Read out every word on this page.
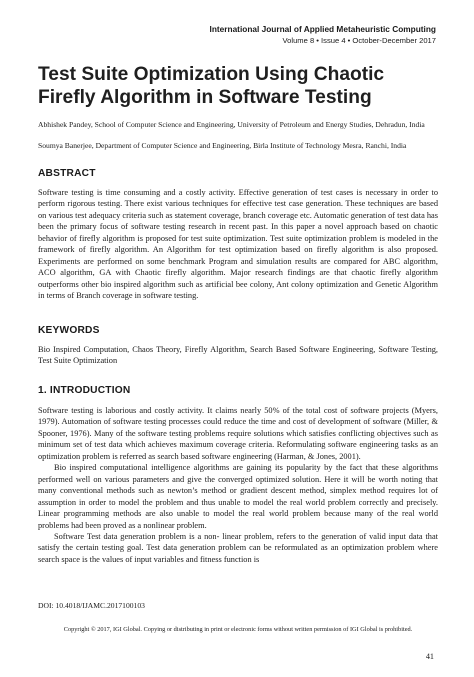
International Journal of Applied Metaheuristic Computing
Volume 8 • Issue 4 • October-December 2017
Test Suite Optimization Using Chaotic
Firefly Algorithm in Software Testing

Abhishek Pandey, School of Computer Science and Engineering, University of Petroleum and Energy Studies, Dehradun, India

Soumya Banerjee, Department of Computer Science and Engineering, Birla Institute of Technology Mesra, Ranchi, India

ABSTRACT

Software testing is time consuming and a costly activity. Effective generation of test cases is necessary in order to perform rigorous testing. There exist various techniques for effective test case generation. These techniques are based on various test adequacy criteria such as statement coverage, branch coverage etc. Automatic generation of test data has been the primary focus of software testing research in recent past. In this paper a novel approach based on chaotic behavior of firefly algorithm is proposed for test suite optimization. Test suite optimization problem is modeled in the framework of firefly algorithm. An Algorithm for test optimization based on firefly algorithm is also proposed. Experiments are performed on some benchmark Program and simulation results are compared for ABC algorithm, ACO algorithm, GA with Chaotic firefly algorithm. Major research findings are that chaotic firefly algorithm outperforms other bio inspired algorithm such as artificial bee colony, Ant colony optimization and Genetic Algorithm in terms of Branch coverage in software testing.

KEYWORDS

Bio Inspired Computation, Chaos Theory, Firefly Algorithm, Search Based Software Engineering, Software Testing, Test Suite Optimization

1. INTRODUCTION

Software testing is laborious and costly activity. It claims nearly 50% of the total cost of software projects (Myers, 1979). Automation of software testing processes could reduce the time and cost of development of software (Miller, & Spooner, 1976). Many of the software testing problems require solutions which satisfies conflicting objectives such as minimum set of test data which achieves maximum coverage criteria. Reformulating software engineering tasks as an optimization problem is referred as search based software engineering (Harman, & Jones, 2001).

Bio inspired computational intelligence algorithms are gaining its popularity by the fact that these algorithms performed well on various parameters and give the converged optimized solution. Here it will be worth noting that many conventional methods such as newton’s method or gradient descent method, simplex method requires lot of assumption in order to model the problem and thus unable to model the real world problem correctly and precisely. Linear programming methods are also unable to model the real world problem because many of the real world problems had been proved as a nonlinear problem.

Software Test data generation problem is a non- linear problem, refers to the generation of valid input data that satisfy the certain testing goal. Test data generation problem can be reformulated as an optimization problem where search space is the values of input variables and fitness function is

DOI: 10.4018/IJAMC.2017100103

Copyright © 2017, IGI Global. Copying or distributing in print or electronic forms without written permission of IGI Global is prohibited.

41
